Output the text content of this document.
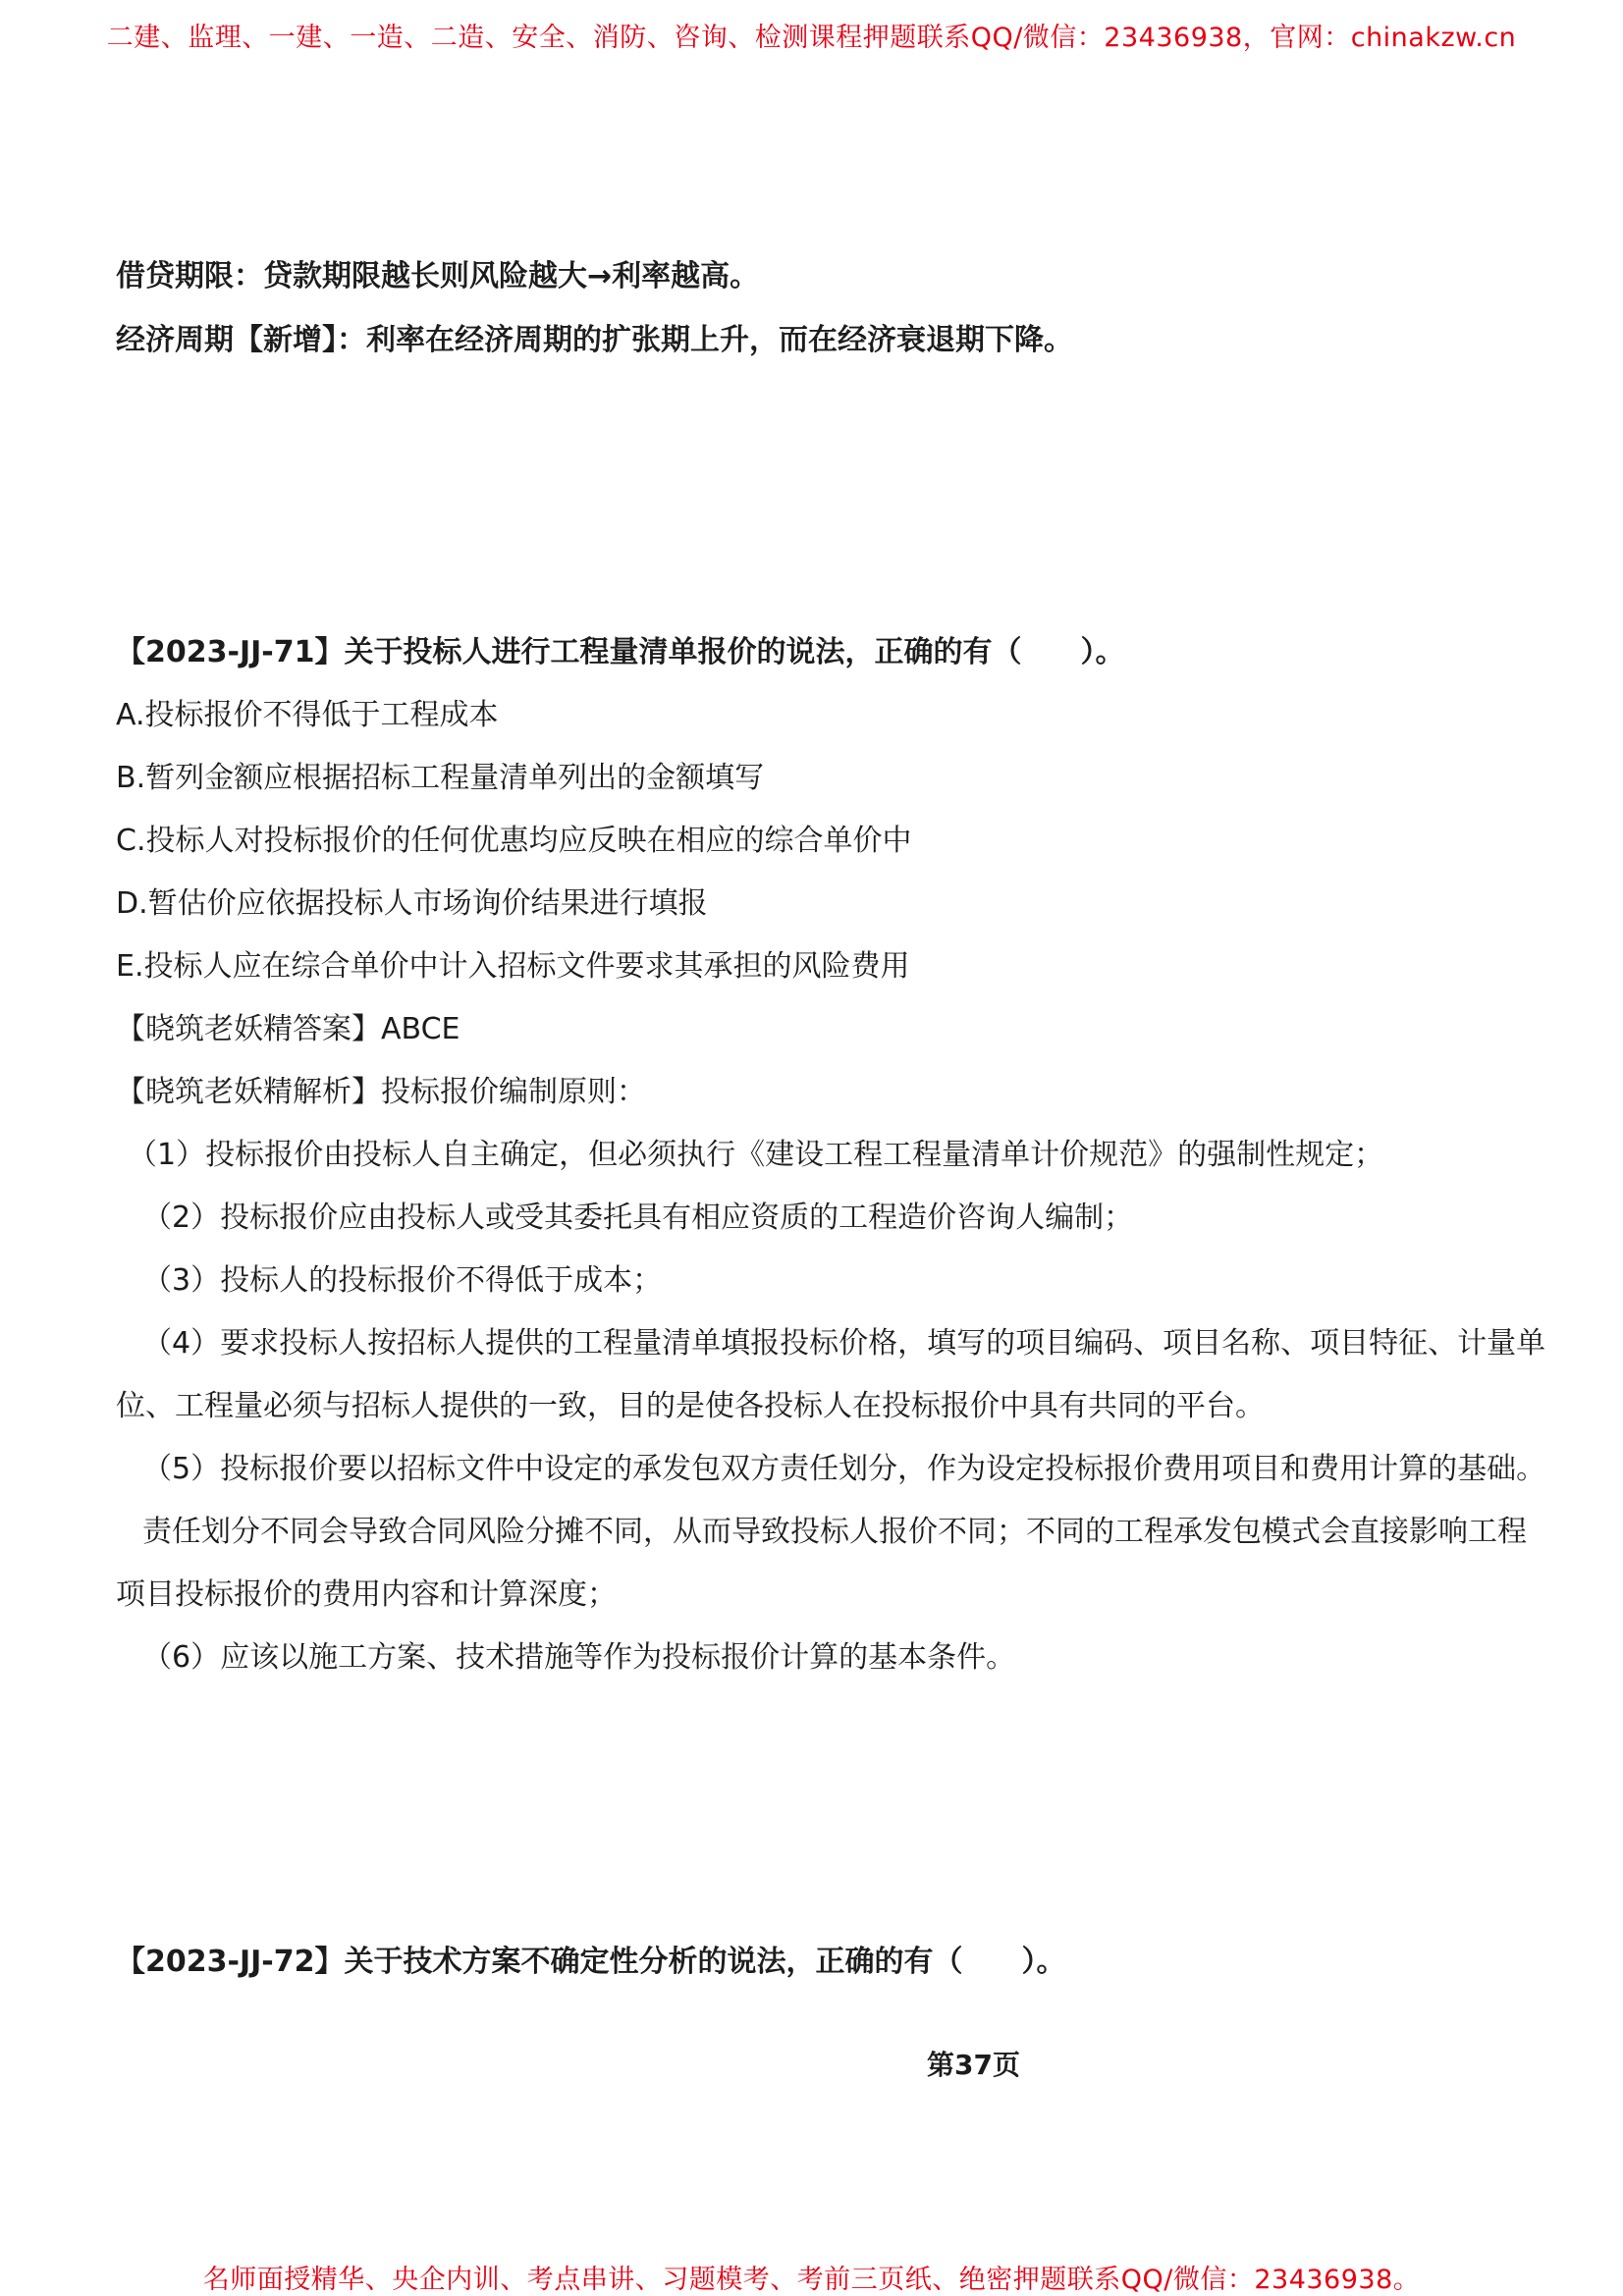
二建、监理、一建、一造、二造、安全、消防、咨询、检测课程押题联系QQ/微信：23436938，官网：chinakzw.cn
借贷期限：贷款期限越长则风险越大→利率越高。
经济周期【新增】：利率在经济周期的扩张期上升，而在经济衰退期下降。
【2023-JJ-71】关于投标人进行工程量清单报价的说法，正确的有（　　）。
A.投标报价不得低于工程成本
B.暂列金额应根据招标工程量清单列出的金额填写
C.投标人对投标报价的任何优惠均应反映在相应的综合单价中
D.暂估价应依据投标人市场询价结果进行填报
E.投标人应在综合单价中计入招标文件要求其承担的风险费用
【晓筑老妖精答案】ABCE
【晓筑老妖精解析】投标报价编制原则：
（1）投标报价由投标人自主确定，但必须执行《建设工程工程量清单计价规范》的强制性规定；
（2）投标报价应由投标人或受其委托具有相应资质的工程造价咨询人编制；
（3）投标人的投标报价不得低于成本；
（4）要求投标人按招标人提供的工程量清单填报投标价格，填写的项目编码、项目名称、项目特征、计量单
位、工程量必须与招标人提供的一致，目的是使各投标人在投标报价中具有共同的平台。
（5）投标报价要以招标文件中设定的承发包双方责任划分，作为设定投标报价费用项目和费用计算的基础。
责任划分不同会导致合同风险分摊不同，从而导致投标人报价不同；不同的工程承发包模式会直接影响工程
项目投标报价的费用内容和计算深度；
（6）应该以施工方案、技术措施等作为投标报价计算的基本条件。
【2023-JJ-72】关于技术方案不确定性分析的说法，正确的有（　　）。
第37页
名师面授精华、央企内训、考点串讲、习题模考、考前三页纸、绝密押题联系QQ/微信：23436938。
